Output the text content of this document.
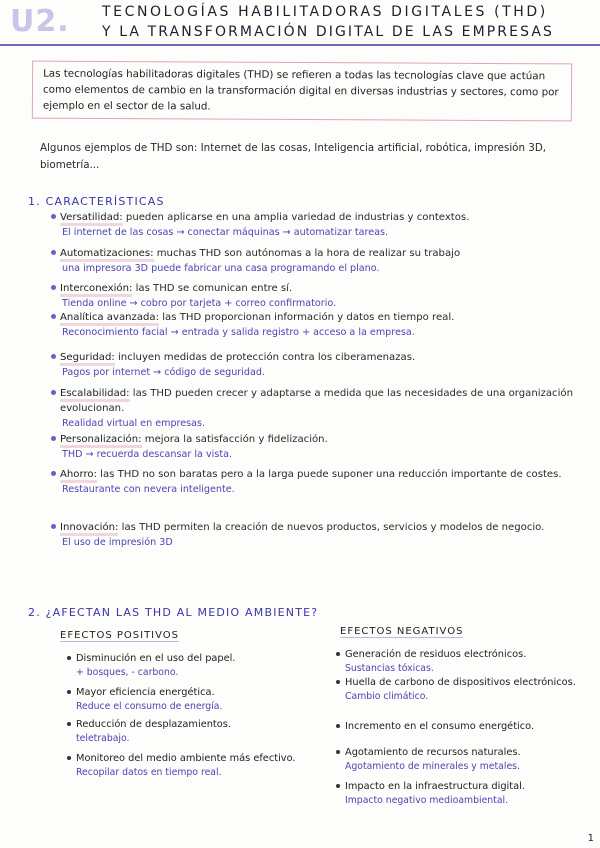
U2. TECNOLOGÍAS HABILITADORAS DIGITALES (THD)
Y LA TRANSFORMACIÓN DIGITAL DE LAS EMPRESAS
Las tecnologías habilitadoras digitales (THD) se refieren a todas las tecnologías clave que actúan como elementos de cambio en la transformación digital en diversas industrias y sectores, como por ejemplo en el sector de la salud.
Algunos ejemplos de THD son: Internet de las cosas, Inteligencia artificial, robótica, impresión 3D, biometría...
1. CARACTERÍSTICAS
Versatilidad: pueden aplicarse en una amplia variedad de industrias y contextos.
El internet de las cosas → conectar máquinas → automatizar tareas.
Automatizaciones: muchas THD son autónomas a la hora de realizar su trabajo
una impresora 3D puede fabricar una casa programando el plano.
Interconexión: las THD se comunican entre sí.
Tienda online → cobro por tarjeta + correo confirmatorio.
Analítica avanzada: las THD proporcionan información y datos en tiempo real.
Reconocimiento facial → entrada y salida registro + acceso a la empresa.
Seguridad: incluyen medidas de protección contra los ciberamenazas.
Pagos por internet → código de seguridad.
Escalabilidad: las THD pueden crecer y adaptarse a medida que las necesidades de una organización evolucionan.
Realidad virtual en empresas.
Personalización: mejora la satisfacción y fidelización.
THD → recuerda descansar la vista.
Ahorro: las THD no son baratas pero a la larga puede suponer una reducción importante de costes.
Restaurante con nevera inteligente.
Innovación: las THD permiten la creación de nuevos productos, servicios y modelos de negocio.
El uso de impresión 3D
2. ¿AFECTAN LAS THD AL MEDIO AMBIENTE?
EFECTOS POSITIVOS	EFECTOS NEGATIVOS
Disminución en el uso del papel.
+ bosques, - carbono.
Mayor eficiencia energética.
Reduce el consumo de energía.
Reducción de desplazamientos.
teletrabajo.
Monitoreo del medio ambiente más efectivo.
Recopilar datos en tiempo real.
Generación de residuos electrónicos.
Sustancias tóxicas.
Huella de carbono de dispositivos electrónicos.
Cambio climático.
Incremento en el consumo energético.
Agotamiento de recursos naturales.
Agotamiento de minerales y metales.
Impacto en la infraestructura digital.
Impacto negativo medioambiental.
1
